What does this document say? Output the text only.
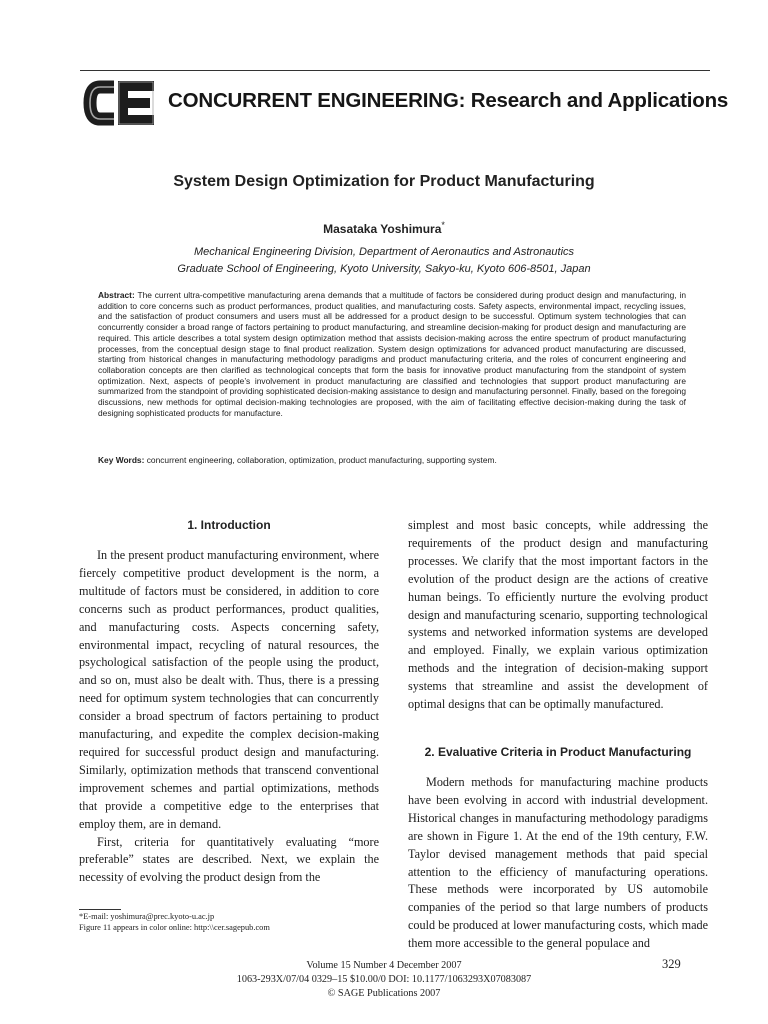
CONCURRENT ENGINEERING: Research and Applications
System Design Optimization for Product Manufacturing
Masataka Yoshimura*
Mechanical Engineering Division, Department of Aeronautics and Astronautics
Graduate School of Engineering, Kyoto University, Sakyo-ku, Kyoto 606-8501, Japan
Abstract: The current ultra-competitive manufacturing arena demands that a multitude of factors be considered during product design and manufacturing, in addition to core concerns such as product performances, product qualities, and manufacturing costs. Safety aspects, environmental impact, recycling issues, and the satisfaction of product consumers and users must all be addressed for a product design to be successful. Optimum system technologies that can concurrently consider a broad range of factors pertaining to product manufacturing, and streamline decision-making for product design and manufacturing are required. This article describes a total system design optimization method that assists decision-making across the entire spectrum of product manufacturing processes, from the conceptual design stage to final product realization. System design optimizations for advanced product manufacturing are discussed, starting from historical changes in manufacturing methodology paradigms and product manufacturing criteria, and the roles of concurrent engineering and collaboration concepts are then clarified as technological concepts that form the basis for innovative product manufacturing from the standpoint of system optimization. Next, aspects of people’s involvement in product manufacturing are classified and technologies that support product manufacturing are summarized from the standpoint of providing sophisticated decision-making assistance to design and manufacturing personnel. Finally, based on the foregoing discussions, new methods for optimal decision-making technologies are proposed, with the aim of facilitating effective decision-making during the task of designing sophisticated products for manufacture.
Key Words: concurrent engineering, collaboration, optimization, product manufacturing, supporting system.
1. Introduction

In the present product manufacturing environment, where fiercely competitive product development is the norm, a multitude of factors must be considered, in addition to core concerns such as product performances, product qualities, and manufacturing costs. Aspects concerning safety, environmental impact, recycling of natural resources, the psychological satisfaction of the people using the product, and so on, must also be dealt with. Thus, there is a pressing need for optimum system technologies that can concurrently consider a broad spectrum of factors pertaining to product manufacturing, and expedite the complex decision-making required for successful product design and manufacturing. Similarly, optimization methods that transcend conventional improvement schemes and partial optimizations, methods that provide a competitive edge to the enterprises that employ them, are in demand.

First, criteria for quantitatively evaluating “more preferable” states are described. Next, we explain the necessity of evolving the product design from the

simplest and most basic concepts, while addressing the requirements of the product design and manufacturing processes. We clarify that the most important factors in the evolution of the product design are the actions of creative human beings. To efficiently nurture the evolving product design and manufacturing scenario, supporting technological systems and networked information systems are developed and employed. Finally, we explain various optimization methods and the integration of decision-making support systems that streamline and assist the development of optimal designs that can be optimally manufactured.

2. Evaluative Criteria in Product Manufacturing

Modern methods for manufacturing machine products have been evolving in accord with industrial development. Historical changes in manufacturing methodology paradigms are shown in Figure 1. At the end of the 19th century, F.W. Taylor devised management methods that paid special attention to the efficiency of manufacturing operations. These methods were incorporated by US automobile companies of the period so that large numbers of products could be produced at lower manufacturing costs, which made them more accessible to the general populace and

*E-mail: yoshimura@prec.kyoto-u.ac.jp
Figure 11 appears in color online: http:\\cer.sagepub.com
Volume 15 Number 4 December 2007
1063-293X/07/04 0329–15 $10.00/0 DOI: 10.1177/1063293X07083087
© SAGE Publications 2007
329
